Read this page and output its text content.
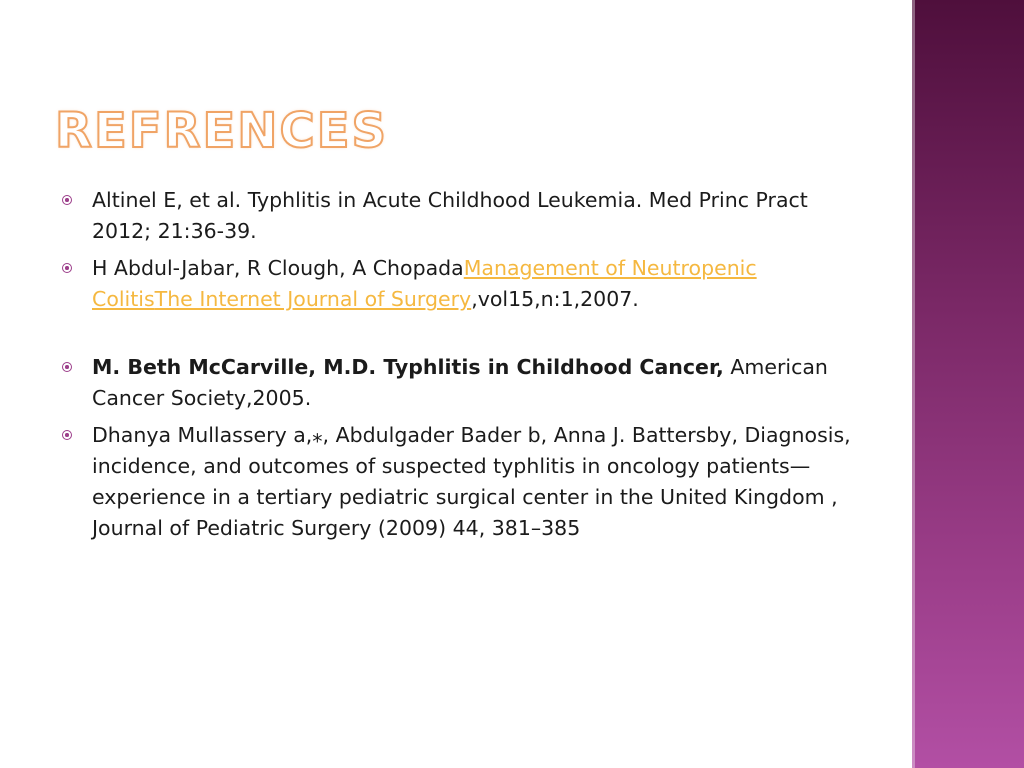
REFRENCES
Altinel E, et al. Typhlitis in Acute Childhood Leukemia. Med Princ Pract 2012; 21:36-39.
H Abdul-Jabar, R Clough, A ChopadaManagement of Neutropenic ColitisThe Internet Journal of Surgery,vol15,n:1,2007.
M. Beth McCarville, M.D. Typhlitis in Childhood Cancer, American Cancer Society,2005.
Dhanya Mullassery a,⁎, Abdulgader Bader b, Anna J. Battersby, Diagnosis, incidence, and outcomes of suspected typhlitis in oncology patients—experience in a tertiary pediatric surgical center in the United Kingdom , Journal of Pediatric Surgery (2009) 44, 381–385
